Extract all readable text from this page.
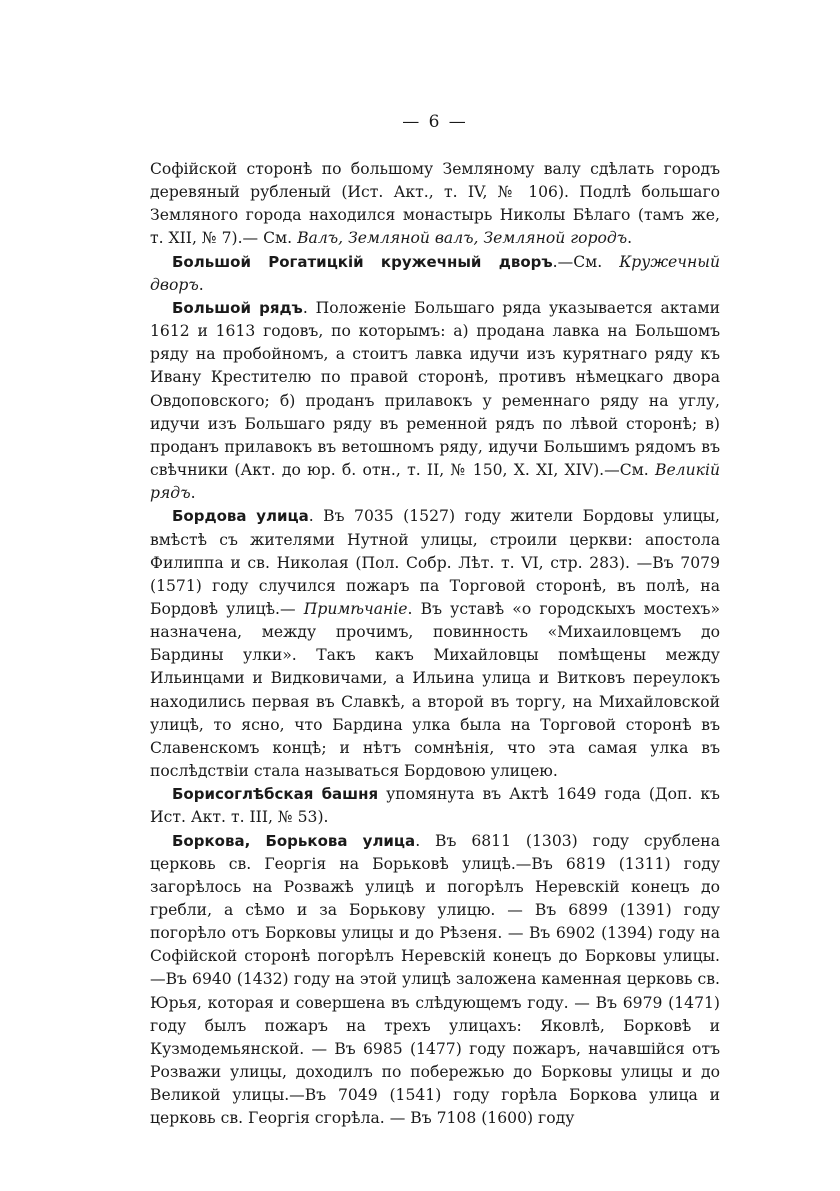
— 6 —

Софійской сторонѣ по большому Земляному валу сдѣлать городъ деревяный рубленый (Ист. Акт., т. IV, № 106). Подлѣ большаго Земляного города находился монастырь Николы Бѣлаго (тамъ же, т. XII, № 7).— См. Валъ, Земляной валъ, Земляной городъ.

Большой Рогатицкій кружечный дворъ.—См. Кружечный дворъ.

Большой рядъ. Положеніе Большаго ряда указывается актами 1612 и 1613 годовъ, по которымъ: а) продана лавка на Большомъ ряду на пробойномъ, а стоитъ лавка идучи изъ курятнаго ряду къ Ивану Крестителю по правой сторонѣ, противъ нѣмецкаго двора Овдоповского; б) проданъ прилавокъ у ременнаго ряду на углу, идучи изъ Большаго ряду въ ременной рядъ по лѣвой сторонѣ; в) проданъ прилавокъ въ ветошномъ ряду, идучи Большимъ рядомъ въ свѣчники (Акт. до юр. б. отн., т. II, № 150, X. XI, XIV).—См. Великій рядъ.

Бордова улица. Въ 7035 (1527) году жители Бордовы улицы, вмѣстѣ съ жителями Нутной улицы, строили церкви: апостола Филиппа и св. Николая (Пол. Собр. Лѣт. т. VI, стр. 283). —Въ 7079 (1571) году случился пожаръ па Торговой сторонѣ, въ полѣ, на Бордовѣ улицѣ.— Примѣчаніе. Въ уставѣ «о городскыхъ мостехъ» назначена, между прочимъ, повинность «Михаиловцемъ до Бардины улки». Такъ какъ Михайловцы помѣщены между Ильинцами и Видковичами, а Ильина улица и Витковъ переулокъ находились первая въ Славкѣ, а второй въ торгу, на Михайловской улицѣ, то ясно, что Бардина улка была на Торговой сторонѣ въ Славенскомъ концѣ; и нѣтъ сомнѣнія, что эта самая улка въ послѣдствіи стала называться Бордовою улицею.

Борисоглѣбская башня упомянута въ Актѣ 1649 года (Доп. къ Ист. Акт. т. III, № 53).

Боркова, Борькова улица. Въ 6811 (1303) году срублена церковь св. Георгія на Борьковѣ улицѣ.—Въ 6819 (1311) году загорѣлось на Розважѣ улицѣ и погорѣлъ Неревскій конецъ до гребли, а сѣмо и за Борькову улицю. — Въ 6899 (1391) году погорѣло отъ Борковы улицы и до Рѣзеня. — Въ 6902 (1394) году на Софійской сторонѣ погорѣлъ Неревскій конецъ до Борковы улицы.—Въ 6940 (1432) году на этой улицѣ заложена каменная церковь св. Юрья, которая и совершена въ слѣдующемъ году. — Въ 6979 (1471) году былъ пожаръ на трехъ улицахъ: Яковлѣ, Борковѣ и Кузмодемьянской. — Въ 6985 (1477) году пожаръ, начавшійся отъ Розважи улицы, доходилъ по побережью до Борковы улицы и до Великой улицы.—Въ 7049 (1541) году горѣла Боркова улица и церковь св. Георгія сгорѣла. — Въ 7108 (1600) году
